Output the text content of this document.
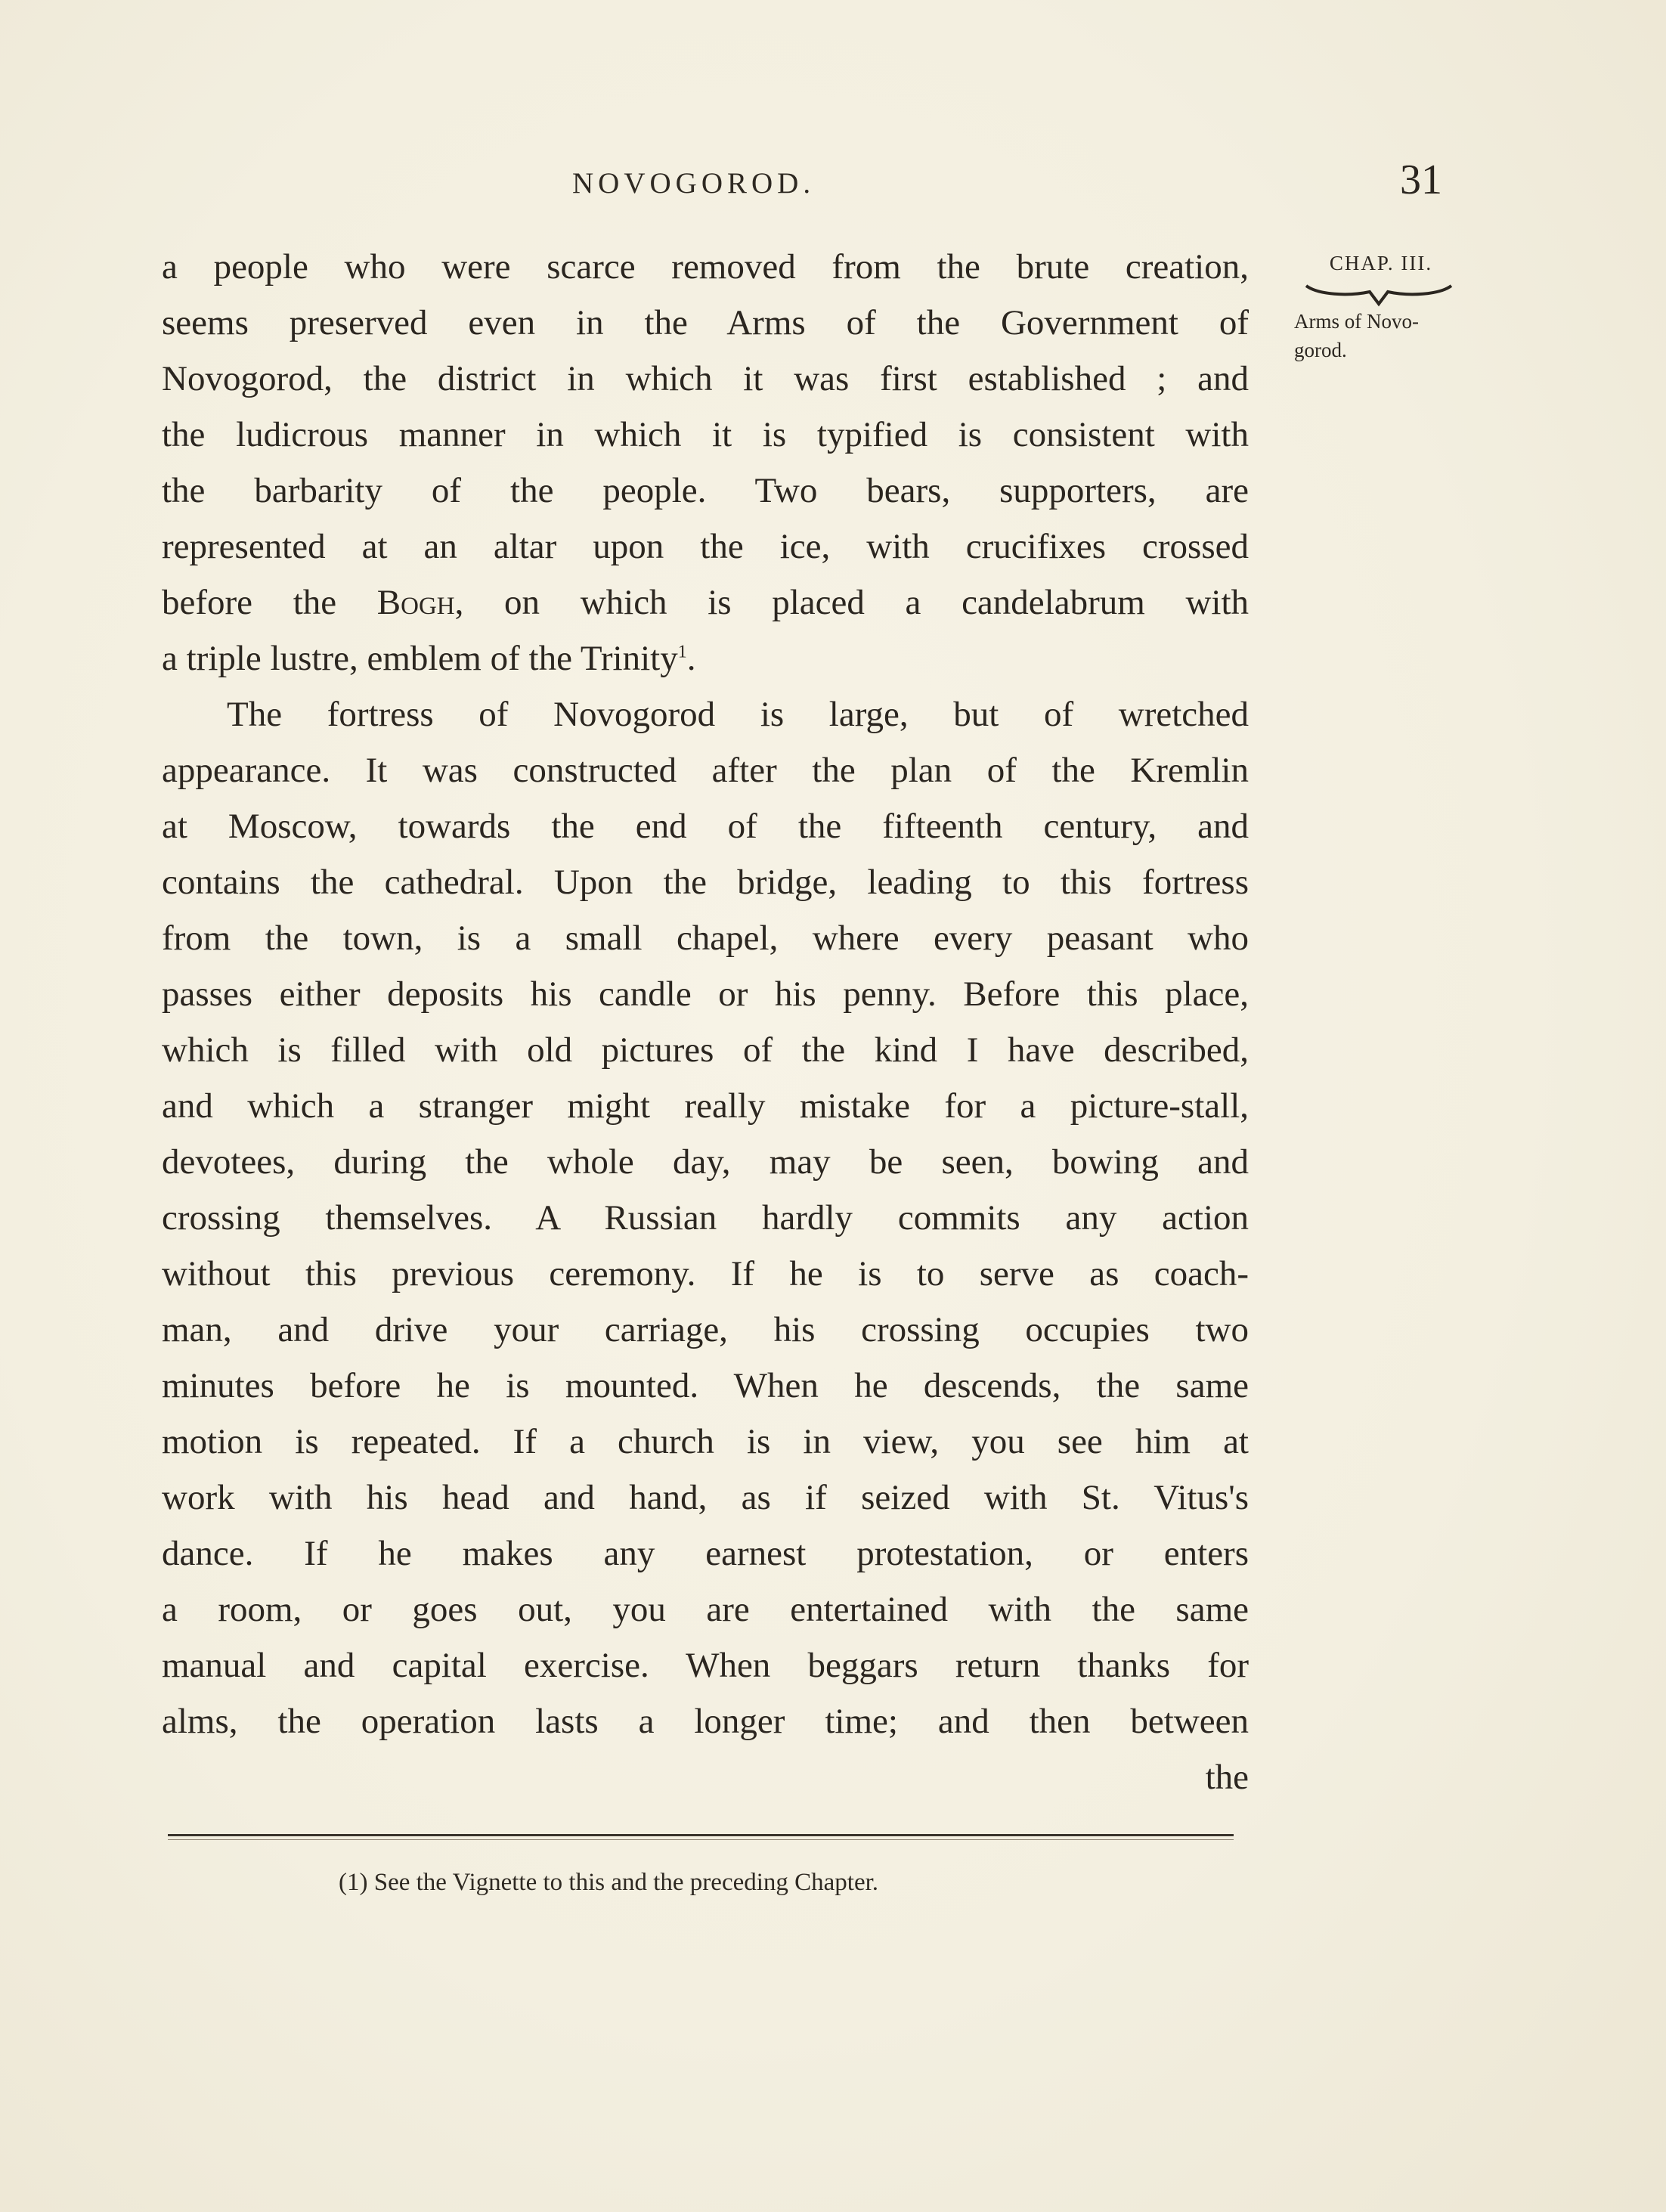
NOVOGOROD.	31
CHAP. III.
Arms of Novo-
gorod.
a people who were scarce removed from the brute creation,
seems preserved even in the Arms of the Government of
Novogorod, the district in which it was first established ; and
the ludicrous manner in which it is typified is consistent with
the barbarity of the people. Two bears, supporters, are
represented at an altar upon the ice, with crucifixes crossed
before the Bogh, on which is placed a candelabrum with
a triple lustre, emblem of the Trinity$^1$.
The fortress of Novogorod is large, but of wretched
appearance. It was constructed after the plan of the Kremlin
at Moscow, towards the end of the fifteenth century, and
contains the cathedral. Upon the bridge, leading to this fortress
from the town, is a small chapel, where every peasant who
passes either deposits his candle or his penny. Before this place,
which is filled with old pictures of the kind I have described,
and which a stranger might really mistake for a picture-stall,
devotees, during the whole day, may be seen, bowing and
crossing themselves. A Russian hardly commits any action
without this previous ceremony. If he is to serve as coach-
man, and drive your carriage, his crossing occupies two
minutes before he is mounted. When he descends, the same
motion is repeated. If a church is in view, you see him at
work with his head and hand, as if seized with St. Vitus's
dance. If he makes any earnest protestation, or enters
a room, or goes out, you are entertained with the same
manual and capital exercise. When beggars return thanks for
alms, the operation lasts a longer time; and then between
the
(1) See the Vignette to this and the preceding Chapter.
